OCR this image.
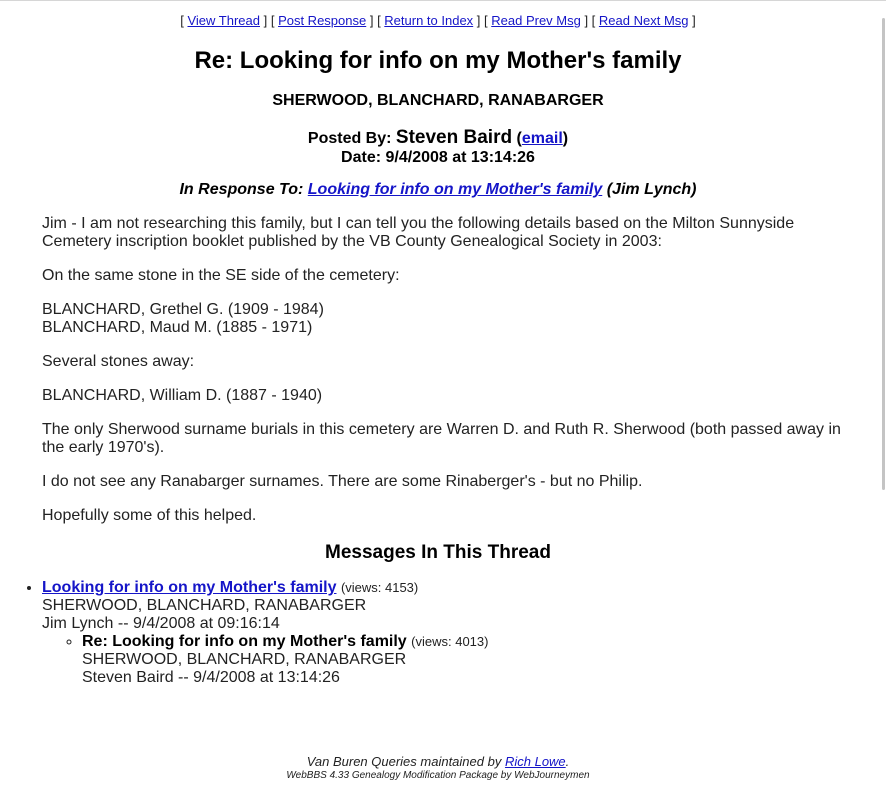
[ View Thread ] [ Post Response ] [ Return to Index ] [ Read Prev Msg ] [ Read Next Msg ]
Re: Looking for info on my Mother's family
SHERWOOD, BLANCHARD, RANABARGER
Posted By: Steven Baird (email)
Date: 9/4/2008 at 13:14:26
In Response To: Looking for info on my Mother's family (Jim Lynch)

Jim - I am not researching this family, but I can tell you the following details based on the Milton Sunnyside Cemetery inscription booklet published by the VB County Genealogical Society in 2003:

On the same stone in the SE side of the cemetery:

BLANCHARD, Grethel G. (1909 - 1984)
BLANCHARD, Maud M. (1885 - 1971)

Several stones away:

BLANCHARD, William D. (1887 - 1940)

The only Sherwood surname burials in this cemetery are Warren D. and Ruth R. Sherwood (both passed away in the early 1970's).

I do not see any Ranabarger surnames. There are some Rinaberger's - but no Philip.

Hopefully some of this helped.

Messages In This Thread
• Looking for info on my Mother's family (views: 4153)
SHERWOOD, BLANCHARD, RANABARGER
Jim Lynch -- 9/4/2008 at 09:16:14
◦ Re: Looking for info on my Mother's family (views: 4013)
SHERWOOD, BLANCHARD, RANABARGER
Steven Baird -- 9/4/2008 at 13:14:26
Van Buren Queries maintained by Rich Lowe.
WebBBS 4.33 Genealogy Modification Package by WebJourneymen
